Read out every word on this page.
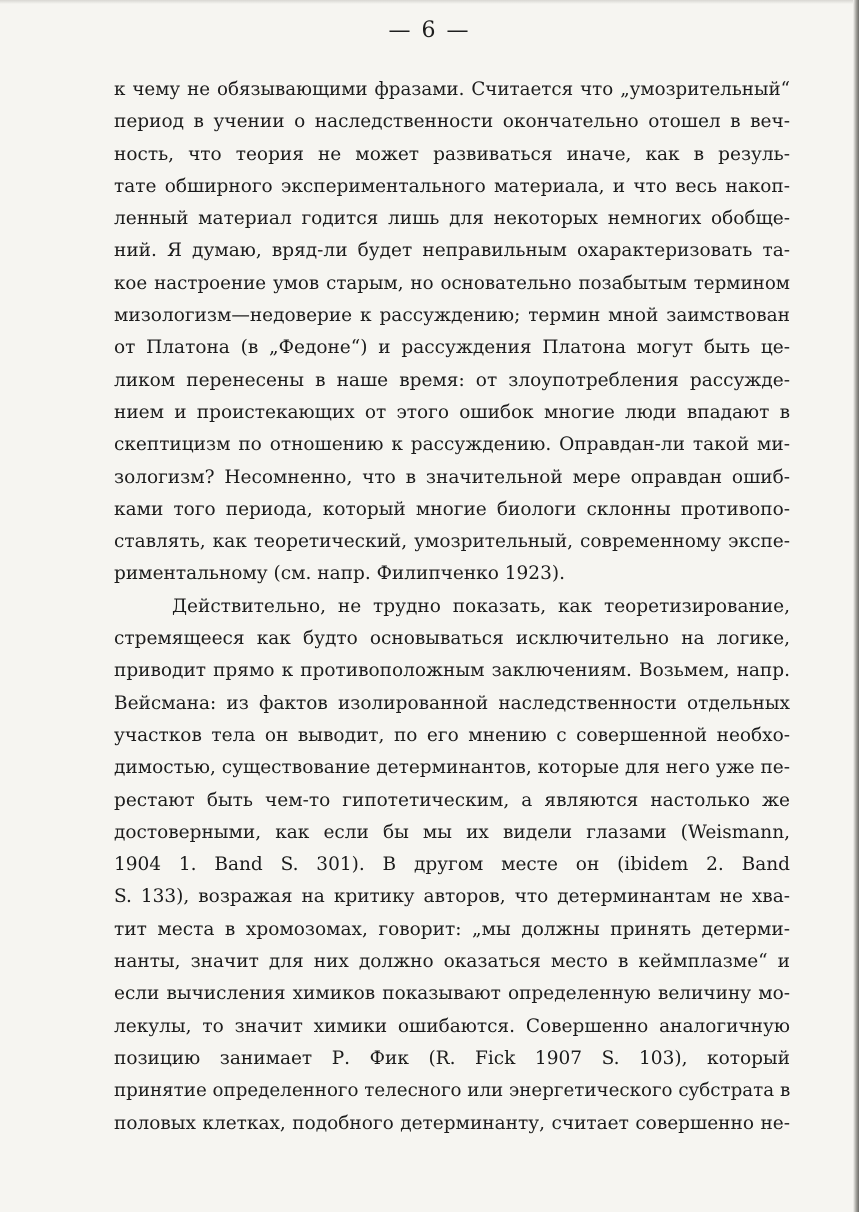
— 6 —
к чему не обязывающими фразами. Считается что „умозрительный“
период в учении о наследственности окончательно отошел в веч-
ность, что теория не может развиваться иначе, как в резуль-
тате обширного экспериментального материала, и что весь накоп-
ленный материал годится лишь для некоторых немногих обобще-
ний. Я думаю, вряд-ли будет неправильным охарактеризовать та-
кое настроение умов старым, но основательно позабытым термином
мизологизм—недоверие к рассуждению; термин мной заимствован
от Платона (в „Федоне“) и рассуждения Платона могут быть це-
ликом перенесены в наше время: от злоупотребления рассужде-
нием и проистекающих от этого ошибок многие люди впадают в
скептицизм по отношению к рассуждению. Оправдан-ли такой ми-
зологизм? Несомненно, что в значительной мере оправдан ошиб-
ками того периода, который многие биологи склонны противопо-
ставлять, как теоретический, умозрительный, современному экспе-
риментальному (см. напр. Филипченко 1923).
Действительно, не трудно показать, как теоретизирование,
стремящееся как будто основываться исключительно на логике,
приводит прямо к противоположным заключениям. Возьмем, напр.
Вейсмана: из фактов изолированной наследственности отдельных
участков тела он выводит, по его мнению с совершенной необхо-
димостью, существование детерминантов, которые для него уже пе-
рестают быть чем-то гипотетическим, а являются настолько же
достоверными, как если бы мы их видели глазами (Weismann,
1904 1. Band S. 301). В другом месте он (ibidem 2. Band
S. 133), возражая на критику авторов, что детерминантам не хва-
тит места в хромозомах, говорит: „мы должны принять детерми-
нанты, значит для них должно оказаться место в кеймплазме“ и
если вычисления химиков показывают определенную величину мо-
лекулы, то значит химики ошибаются. Совершенно аналогичную
позицию занимает Р. Фик (R. Fick 1907 S. 103), который
принятие определенного телесного или энергетического субстрата в
половых клетках, подобного детерминанту, считает совершенно не-
